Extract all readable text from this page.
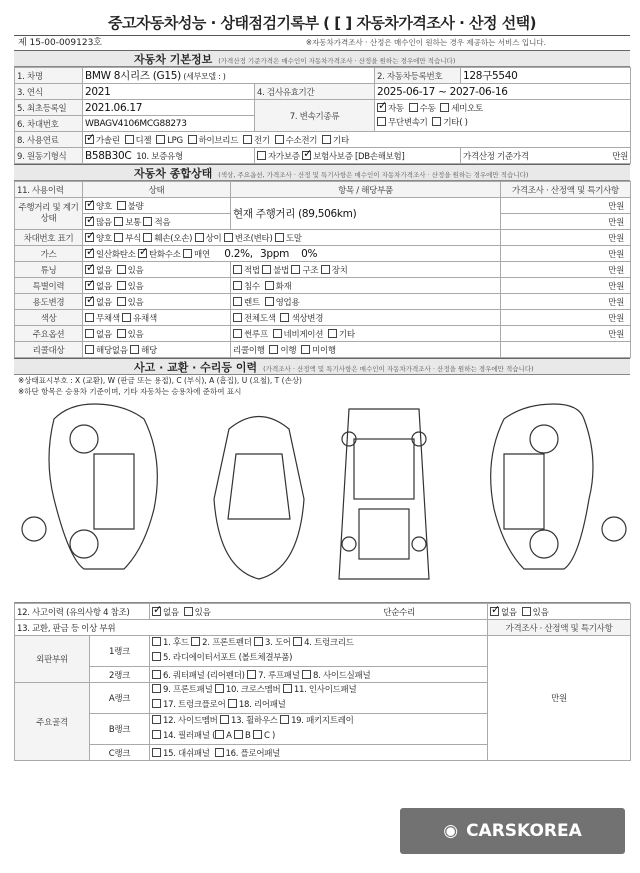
중고자동차성능 · 상태점검기록부 ( [ ] 자동차가격조사 · 산정 선택)
제 15-00-009123호	※자동차가격조사 · 산정은 매수인이 원하는 경우 제공하는 서비스 입니다.
자동차 기본정보 (가격산정 기준가격은 매수인이 자동차가격조사 · 산정을 원하는 경우에만 적습니다)
1. 차명	BMW 8시리즈 (G15) (세부모델 : )		2. 자동차등록번호	128구5540
3. 연식	2021	4. 검사유효기간	2025-06-17 ~ 2027-06-16	
5. 최초등록일	2021.06.17	7. 변속기종류	✓자동 수동 세미오토
무단변속기 기타( )
6. 차대번호	WBAGV4106MCG88273			
8. 사용연료	✓가솔린 디젤 LPG 하이브리드 전기 수소전기 기타
9. 원동기형식	B58B30C 10. 보증유형	자가보증 ✓ 보험사보증 [DB손해보험]		가격산정 기준가격 만원
자동차 종합상태 (색상, 주요옵션, 가격조사 · 산정 및 특기사항은 매수인이 자동차가격조사 · 산정을 원하는 경우에만 적습니다)
11. 사용이력	상태	항목 / 해당부품	가격조사 · 산정액 및 특기사항
주행거리 및 계기상태	✓양호 불량	현재 주행거리 (89,506km)	만원
✓많음 보통 적음		만원
차대번호 표기	✓양호 부식 훼손(오손) 상이 변조(변타) 도말		만원
가스	✓일산화탄소 ✓ 탄화수소 매연 0.2%, 3ppm 0%		만원
튜닝	✓없음 있음	적법 불법 구조 장치	만원
특별이력	✓없음 있음	침수 화재	만원
용도변경	✓없음 있음	렌트 영업용	만원
색상	무채색 유채색	전체도색 색상변경	만원
주요옵션	없음 있음	썬루프 네비게이션 기타	만원
리콜대상	해당없음 해당	리콜이행 이행 미이행	
사고 · 교환 · 수리등 이력 (가격조사 · 산정액 및 특기사항은 매수인이 자동차가격조사 · 산정을 원하는 경우에만 적습니다)
※상태표시부호 : X (교환), W (판금 또는 용접), C (부식), A (흠집), U (요철), T (손상)
※하단 항목은 승용차 기준이며, 기타 자동차는 승용차에 준하여 표시
12. 사고이력 (유의사항 4 참조)	✓없음 있음 단순수리
	✓없음 있음
13. 교환, 판금 등 이상 부위			가격조사 · 산정액 및 특기사항
외판부위	1랭크	1. 후드 2. 프론트펜더 3. 도어 4. 트렁크리드
5. 라디에이터서포트 (볼트체결부품)	만원
	2랭크	6. 쿼터패널 (리어펜더) 7. 루프패널 8. 사이드실패널	
주요골격	A랭크	9. 프론트패널 10. 크로스멤버 11. 인사이드패널
17. 트렁크플로어 18. 리어패널	
	B랭크	12. 사이드멤버 13. 휠하우스 19. 패키지트레이
14. 필러패널 ( A B C )	
	C랭크	15. 대쉬패널 16. 플로어패널	
◉ CARSKOREA
